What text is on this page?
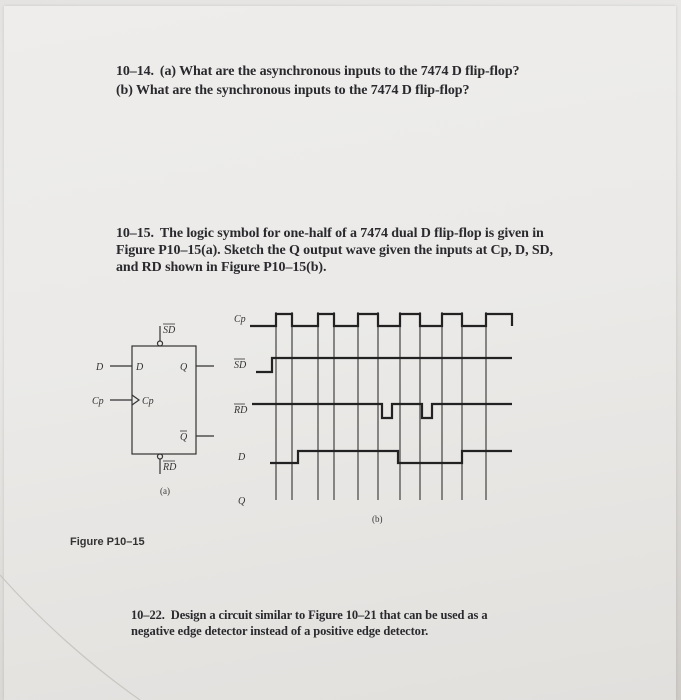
10–14. (a) What are the asynchronous inputs to the 7474 D flip-flop?
(b) What are the synchronous inputs to the 7474 D flip-flop?
10–15. The logic symbol for one-half of a 7474 dual D flip-flop is given in
Figure P10–15(a). Sketch the Q output wave given the inputs at Cp, D, SD,
and RD shown in Figure P10–15(b).
Figure P10–15
10–22. Design a circuit similar to Figure 10–21 that can be used as a
negative edge detector instead of a positive edge detector.
SD
RD
D	D
Cp	Cp
Q
Q
(a)
Cp
SD
RD
D
Q
(b)
